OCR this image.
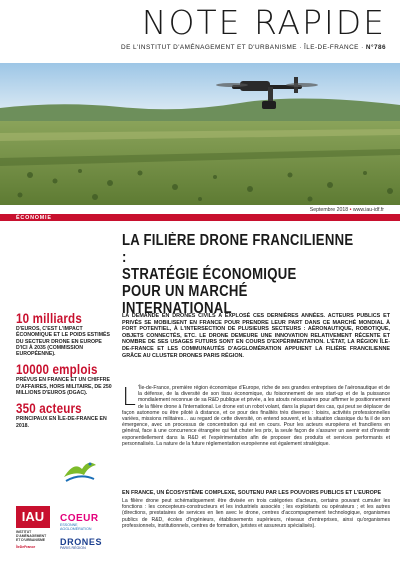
NOTE RAPIDE
DE L'INSTITUT D'AMÉNAGEMENT ET D'URBANISME · ÎLE-DE-FRANCE · N°786
Septembre 2018 • www.iau-idf.fr
ÉCONOMIE
LA FILIÈRE DRONE FRANCILIENNE :
STRATÉGIE ÉCONOMIQUE
POUR UN MARCHÉ INTERNATIONAL
10 milliards
D'EUROS, C'EST L'IMPACT ÉCONOMIQUE ET LE POIDS ESTIMÉS DU SECTEUR DRONE EN EUROPE D'ICI À 2035 (COMMISSION EUROPÉENNE).
10000 emplois
PRÉVUS EN FRANCE ET UN CHIFFRE D'AFFAIRES, HORS MILITAIRE, DE 250 MILLIONS D'EUROS (DGAC).
350 acteurs
PRINCIPAUX EN ÎLE-DE-FRANCE EN 2018.
IAU
INSTITUT D'AMÉNAGEMENT ET D'URBANISME
ÎleDeFrance
COEUR
ESSONNE AGGLOMÉRATION
DRONES
PARIS RÉGION

LA DEMANDE EN DRONES CIVILS A EXPLOSÉ CES DERNIÈRES ANNÉES. ACTEURS PUBLICS ET PRIVÉS SE MOBILISENT EN FRANCE POUR PRENDRE LEUR PART DANS CE MARCHÉ MONDIAL À FORT POTENTIEL, À L'INTERSECTION DE PLUSIEURS SECTEURS : AÉRONAUTIQUE, ROBOTIQUE, OBJETS CONNECTÉS, ETC. LE DRONE DEMEURE UNE INNOVATION RELATIVEMENT RÉCENTE ET NOMBRE DE SES USAGES FUTURS SONT EN COURS D'EXPÉRIMENTATION. L'ÉTAT, LA RÉGION ÎLE-DE-FRANCE ET LES COMMUNAUTÉS D'AGGLOMÉRATION APPUIENT LA FILIÈRE FRANCILIENNE GRÂCE AU CLUSTER DRONES PARIS RÉGION.

L 'Île-de-France, première région économique d'Europe, riche de ses grandes entreprises de l'aéronautique et de la défense, de la diversité de son tissu économique, du foisonnement de ses start-up et de la puissance mondialement reconnue de sa R&D publique et privée, a les atouts nécessaires pour affirmer le positionnement de la filière drone à l'international. Le drone est un robot volant, dans la plupart des cas, qui peut se déplacer de façon autonome ou être piloté à distance, et ce pour des finalités très diverses : loisirs, activités professionnelles variées, missions militaires… au regard de cette diversité, on entend souvent, et la situation classique du fa il de son émergence, avec un processus de concentration qui est en cours. Pour les acteurs européens et franciliens en général, face à une concurrence étrangère qui fait chuter les prix, la seule façon de s'assurer un avenir est d'investir exponentiellement dans la R&D et l'expérimentation afin de proposer des produits et services performants et personnalisés. La nature de la future réglementation européenne est également stratégique.
EN FRANCE, UN ÉCOSYSTÈME COMPLEXE, SOUTENU PAR LES POUVOIRS PUBLICS ET L'EUROPE

La filière drone peut schématiquement être divisée en trois catégories d'acteurs, certains pouvant cumuler les fonctions : les concepteurs-constructeurs et les industriels associés ; les exploitants ou opérateurs ; et les autres (directions, prestataires de services en lien avec le drone, centres d'accompagnement technologique, organismes publics de R&D, écoles d'ingénieurs, établissements supérieurs, réseaux d'entreprises, ainsi qu'organismes professionnels, institutionnels, centres de formation, juristes et assureurs spécialisés).
